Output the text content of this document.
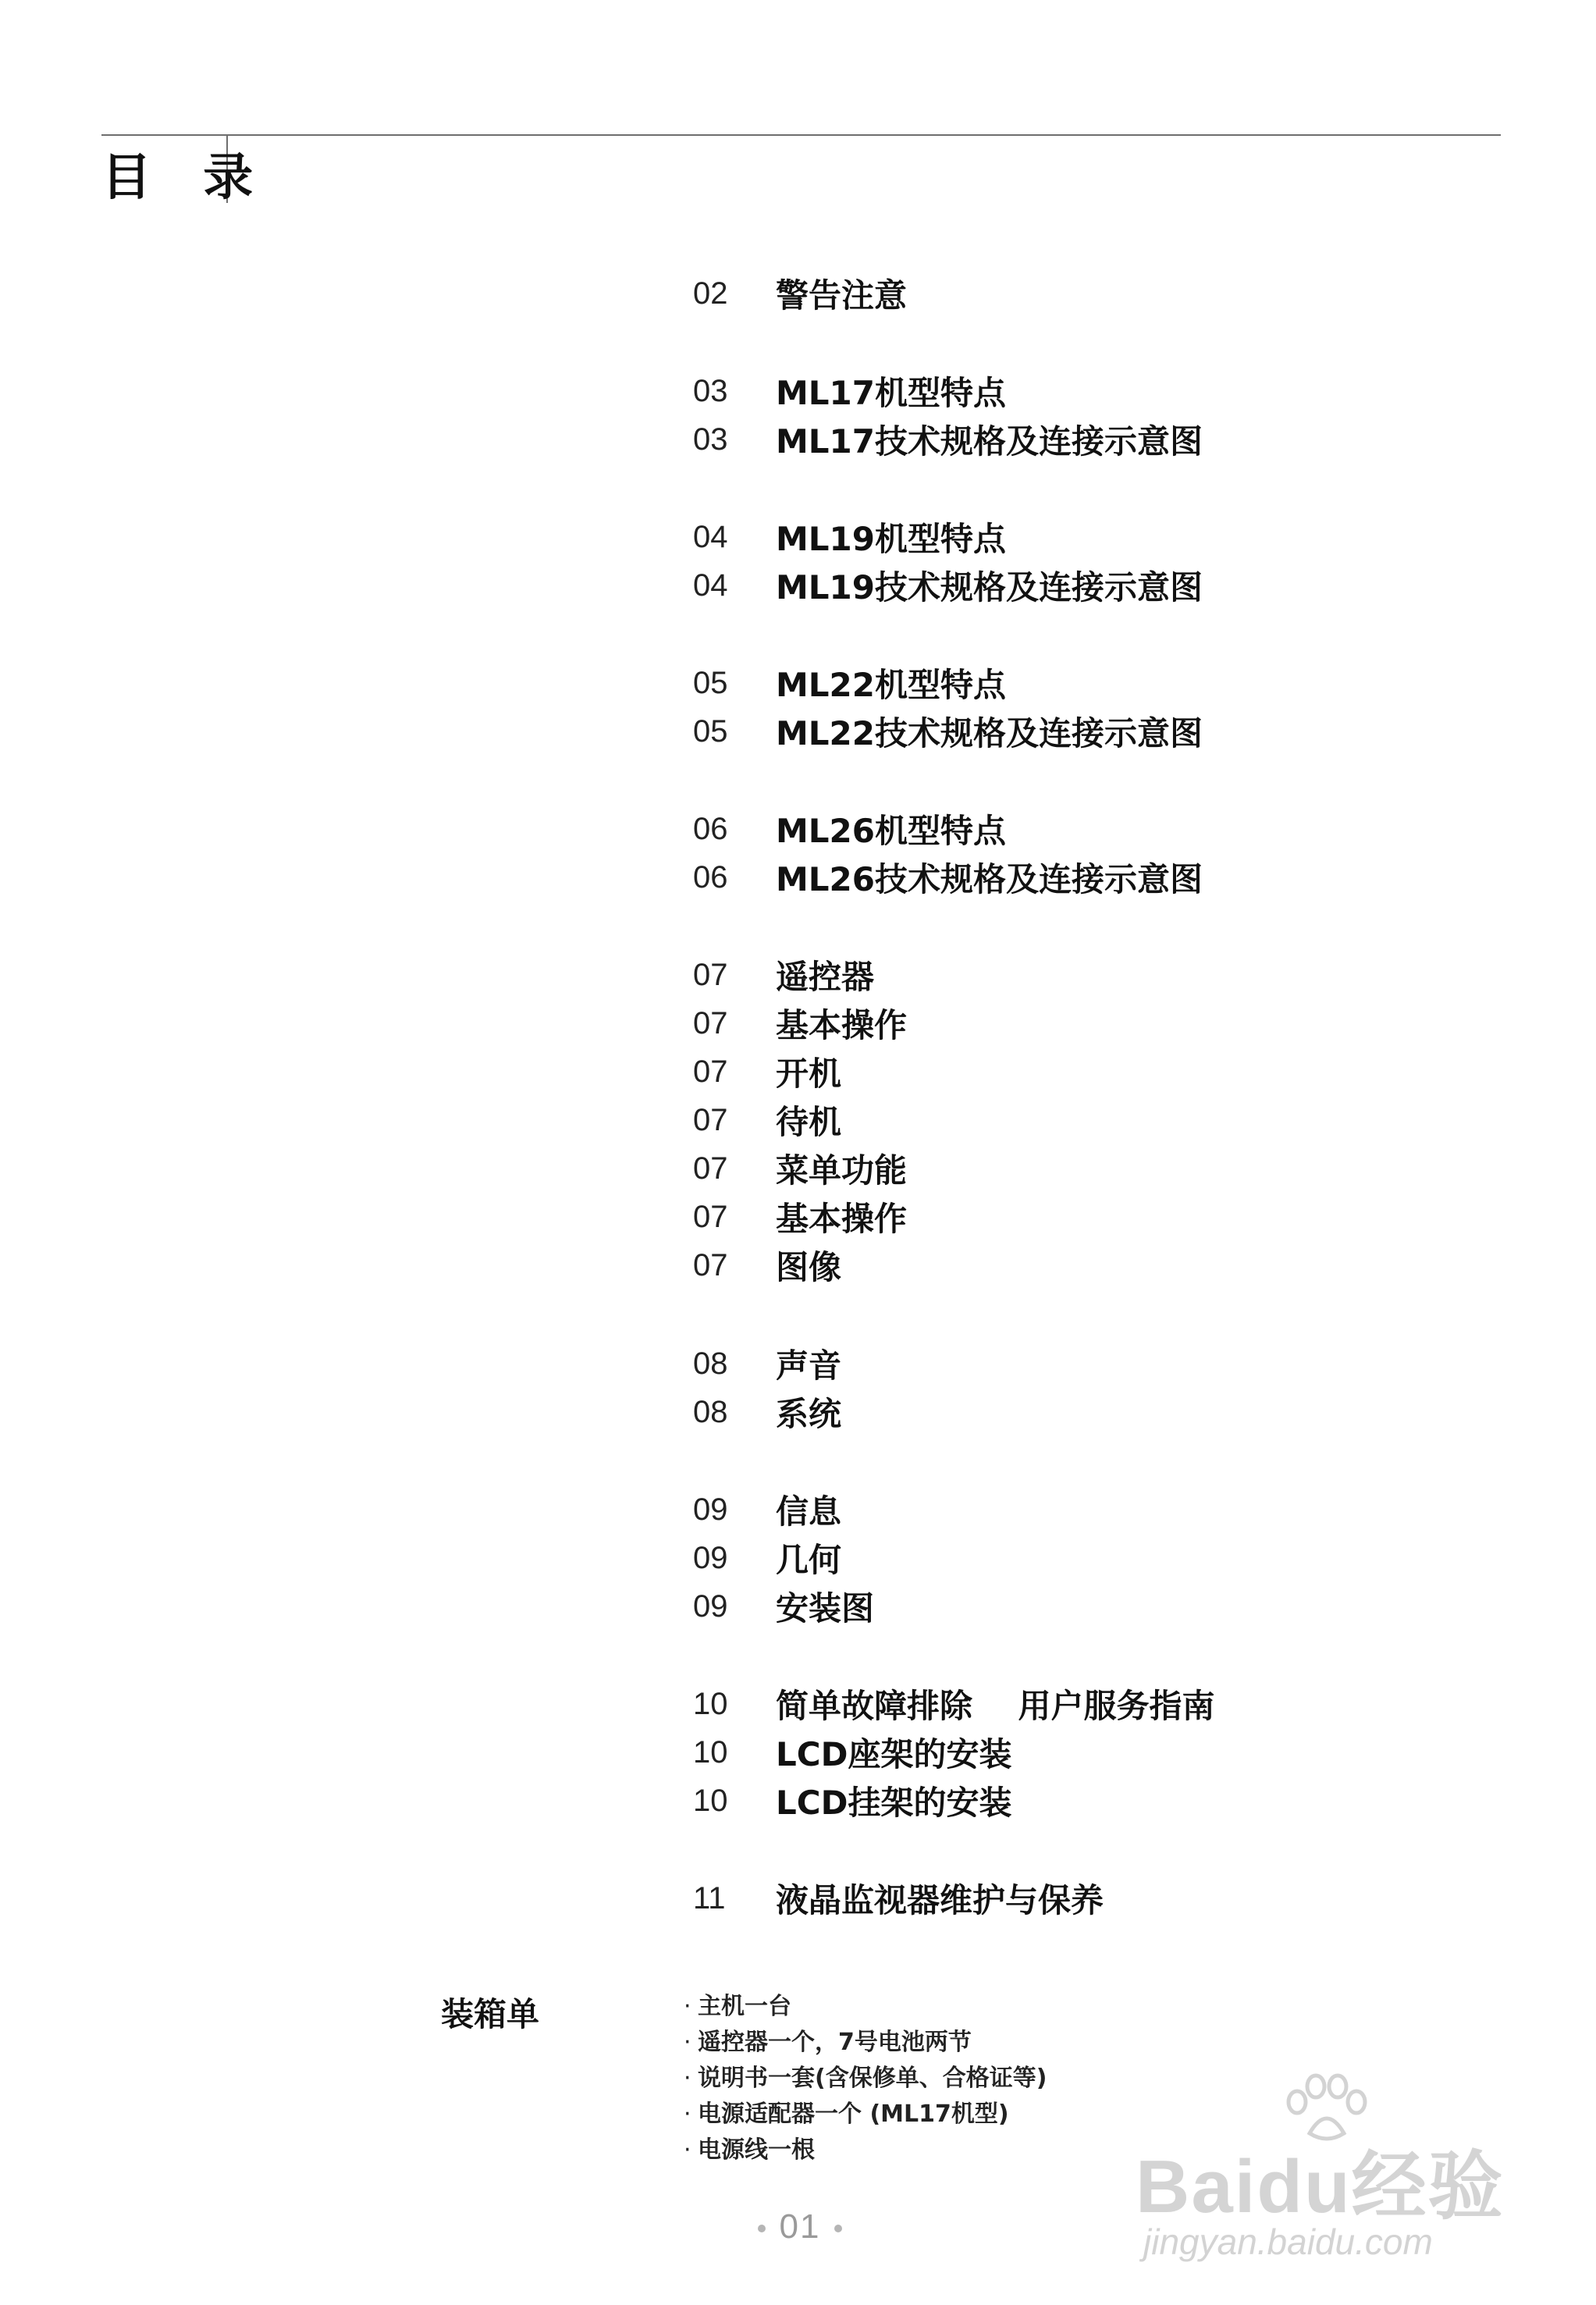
目 录
02	警告注意
03	ML17机型特点
03	ML17技术规格及连接示意图
04	ML19机型特点
04	ML19技术规格及连接示意图
05	ML22机型特点
05	ML22技术规格及连接示意图
06	ML26机型特点
06	ML26技术规格及连接示意图
07	遥控器
07	基本操作
07	开机
07	待机
07	菜单功能
07	基本操作
07	图像
08	声音
08	系统
09	信息
09	几何
09	安装图
10	简单故障排除    用户服务指南
10	LCD座架的安装
10	LCD挂架的安装
11	液晶监视器维护与保养
装箱单	· 主机一台
· 遥控器一个，7号电池两节
· 说明书一套(含保修单、合格证等)
· 电源适配器一个 (ML17机型)
· 电源线一根
01	Baidu经验
jingyan.baidu.com
